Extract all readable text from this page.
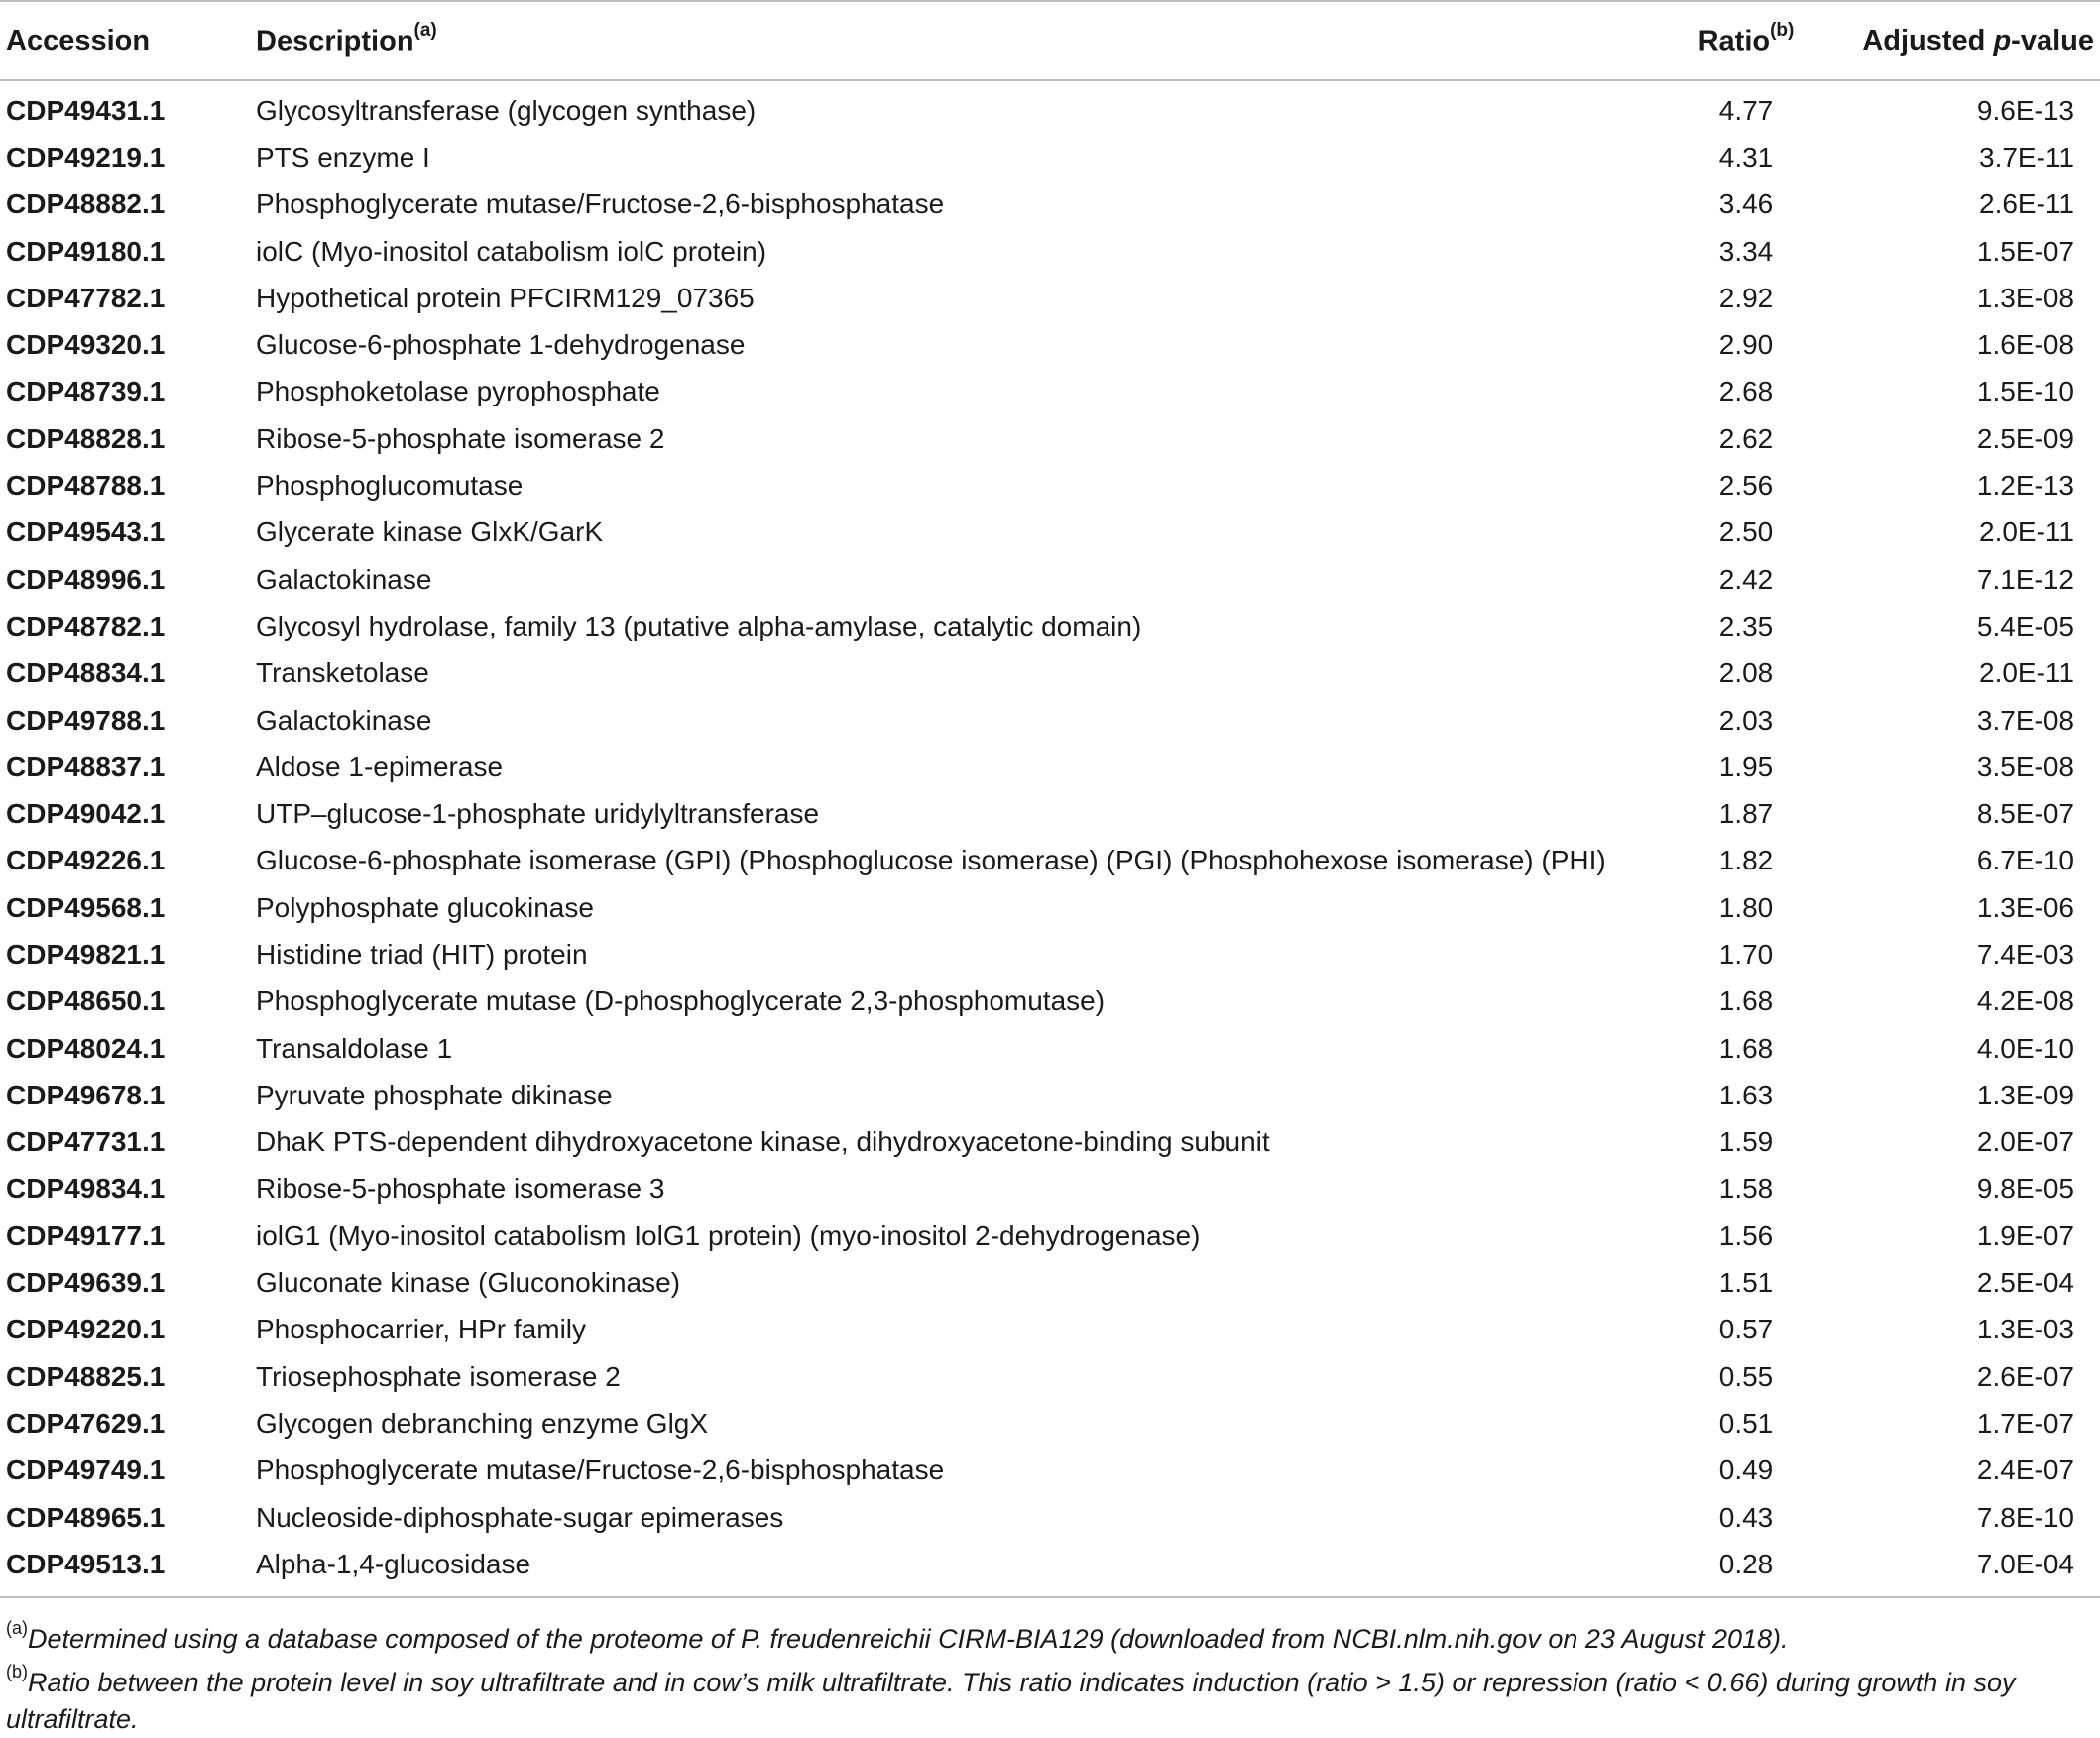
Accession	Description$^{(a)}$	Ratio$^{(b)}$	Adjusted p-value
CDP49431.1	Glycosyltransferase (glycogen synthase)	4.77	9.6E-13
CDP49219.1	PTS enzyme I	4.31	3.7E-11
CDP48882.1	Phosphoglycerate mutase/Fructose-2,6-bisphosphatase	3.46	2.6E-11
CDP49180.1	iolC (Myo-inositol catabolism iolC protein)	3.34	1.5E-07
CDP47782.1	Hypothetical protein PFCIRM129_07365	2.92	1.3E-08
CDP49320.1	Glucose-6-phosphate 1-dehydrogenase	2.90	1.6E-08
CDP48739.1	Phosphoketolase pyrophosphate	2.68	1.5E-10
CDP48828.1	Ribose-5-phosphate isomerase 2	2.62	2.5E-09
CDP48788.1	Phosphoglucomutase	2.56	1.2E-13
CDP49543.1	Glycerate kinase GlxK/GarK	2.50	2.0E-11
CDP48996.1	Galactokinase	2.42	7.1E-12
CDP48782.1	Glycosyl hydrolase, family 13 (putative alpha-amylase, catalytic domain)	2.35	5.4E-05
CDP48834.1	Transketolase	2.08	2.0E-11
CDP49788.1	Galactokinase	2.03	3.7E-08
CDP48837.1	Aldose 1-epimerase	1.95	3.5E-08
CDP49042.1	UTP–glucose-1-phosphate uridylyltransferase	1.87	8.5E-07
CDP49226.1	Glucose-6-phosphate isomerase (GPI) (Phosphoglucose isomerase) (PGI) (Phosphohexose isomerase) (PHI)	1.82	6.7E-10
CDP49568.1	Polyphosphate glucokinase	1.80	1.3E-06
CDP49821.1	Histidine triad (HIT) protein	1.70	7.4E-03
CDP48650.1	Phosphoglycerate mutase (D-phosphoglycerate 2,3-phosphomutase)	1.68	4.2E-08
CDP48024.1	Transaldolase 1	1.68	4.0E-10
CDP49678.1	Pyruvate phosphate dikinase	1.63	1.3E-09
CDP47731.1	DhaK PTS-dependent dihydroxyacetone kinase, dihydroxyacetone-binding subunit	1.59	2.0E-07
CDP49834.1	Ribose-5-phosphate isomerase 3	1.58	9.8E-05
CDP49177.1	iolG1 (Myo-inositol catabolism IolG1 protein) (myo-inositol 2-dehydrogenase)	1.56	1.9E-07
CDP49639.1	Gluconate kinase (Gluconokinase)	1.51	2.5E-04
CDP49220.1	Phosphocarrier, HPr family	0.57	1.3E-03
CDP48825.1	Triosephosphate isomerase 2	0.55	2.6E-07
CDP47629.1	Glycogen debranching enzyme GlgX	0.51	1.7E-07
CDP49749.1	Phosphoglycerate mutase/Fructose-2,6-bisphosphatase	0.49	2.4E-07
CDP48965.1	Nucleoside-diphosphate-sugar epimerases	0.43	7.8E-10
CDP49513.1	Alpha-1,4-glucosidase	0.28	7.0E-04

$^{(a)}$Determined using a database composed of the proteome of P. freudenreichii CIRM-BIA129 (downloaded from NCBI.nlm.nih.gov on 23 August 2018).

$^{(b)}$Ratio between the protein level in soy ultrafiltrate and in cow’s milk ultrafiltrate. This ratio indicates induction (ratio > 1.5) or repression (ratio < 0.66) during growth in soy ultrafiltrate.
